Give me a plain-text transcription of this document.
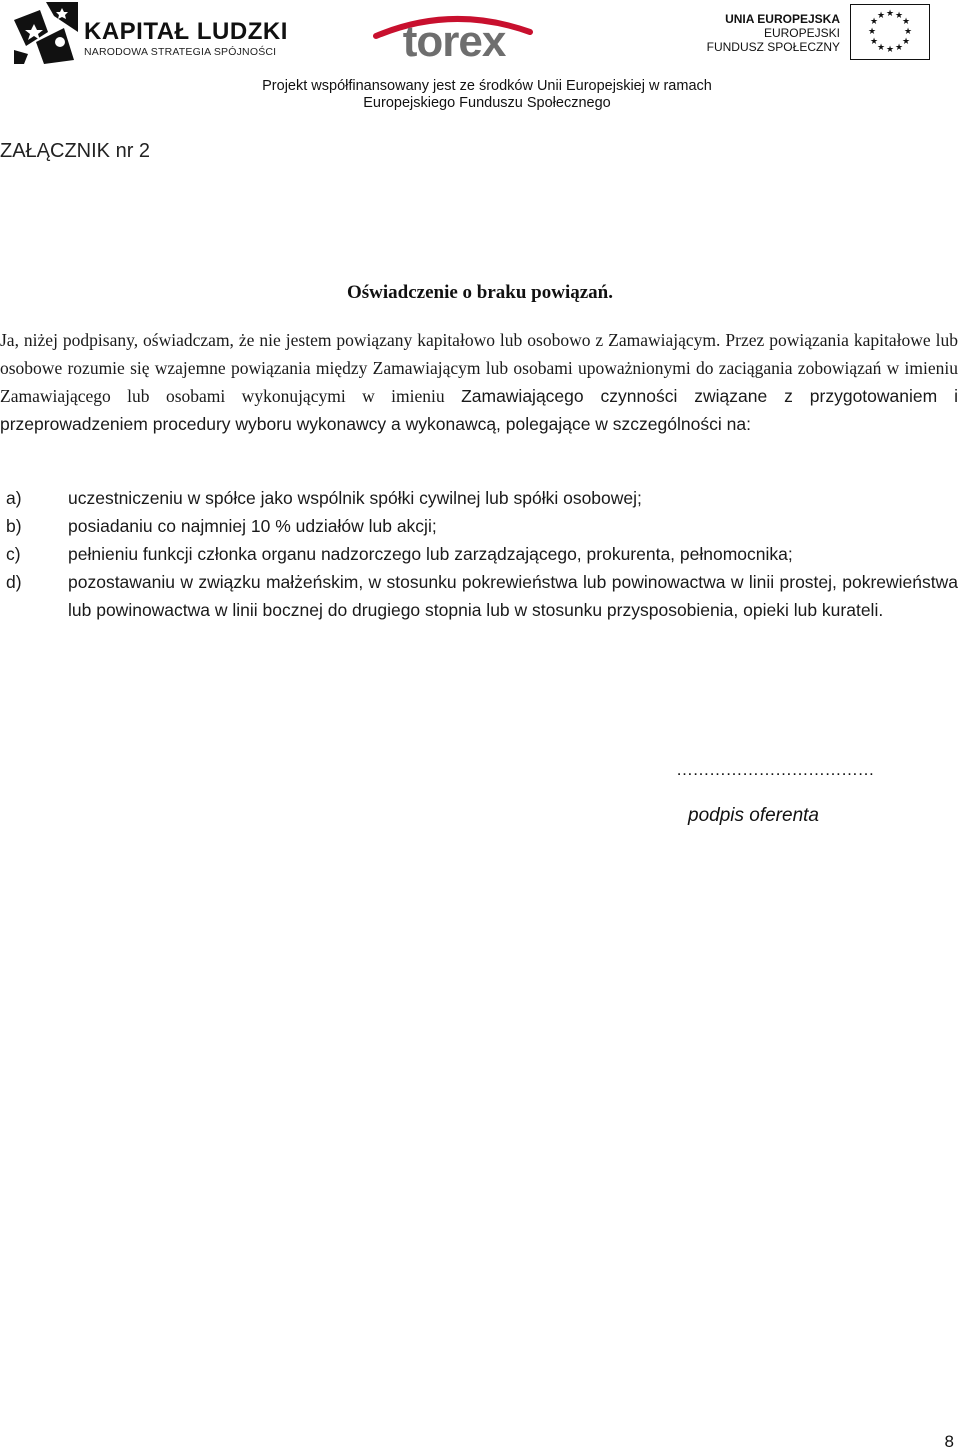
KAPITAŁ LUDZKI
NARODOWA STRATEGIA SPÓJNOŚCI	torex	UNIA EUROPEJSKA
EUROPEJSKI
FUNDUSZ SPOŁECZNY
★ ★
★
★
★
★
★
★
★
★
★
★
Projekt współfinansowany jest ze środków Unii Europejskiej w ramach
Europejskiego Funduszu Społecznego
ZAŁĄCZNIK nr 2
Oświadczenie o braku powiązań.

Ja, niżej podpisany, oświadczam, że nie jestem powiązany kapitałowo lub osobowo z Zamawiającym. Przez powiązania kapitałowe lub osobowe rozumie się wzajemne powiązania między Zamawiającym lub osobami upoważnionymi do zaciągania zobowiązań w imieniu Zamawiającego lub osobami wykonującymi w imieniu Zamawiającego czynności związane z przygotowaniem i przeprowadzeniem procedury wyboru wykonawcy a wykonawcą, polegające w szczególności na:

a)	uczestniczeniu w spółce jako wspólnik spółki cywilnej lub spółki osobowej;
b)	posiadaniu co najmniej 10 % udziałów lub akcji;
c)	pełnieniu funkcji członka organu nadzorczego lub zarządzającego, prokurenta, pełnomocnika;
d)	pozostawaniu w związku małżeńskim, w stosunku pokrewieństwa lub powinowactwa w linii prostej, pokrewieństwa lub powinowactwa w linii bocznej do drugiego stopnia lub w stosunku przysposobienia, opieki lub kurateli.
………………………………
podpis oferenta
8
